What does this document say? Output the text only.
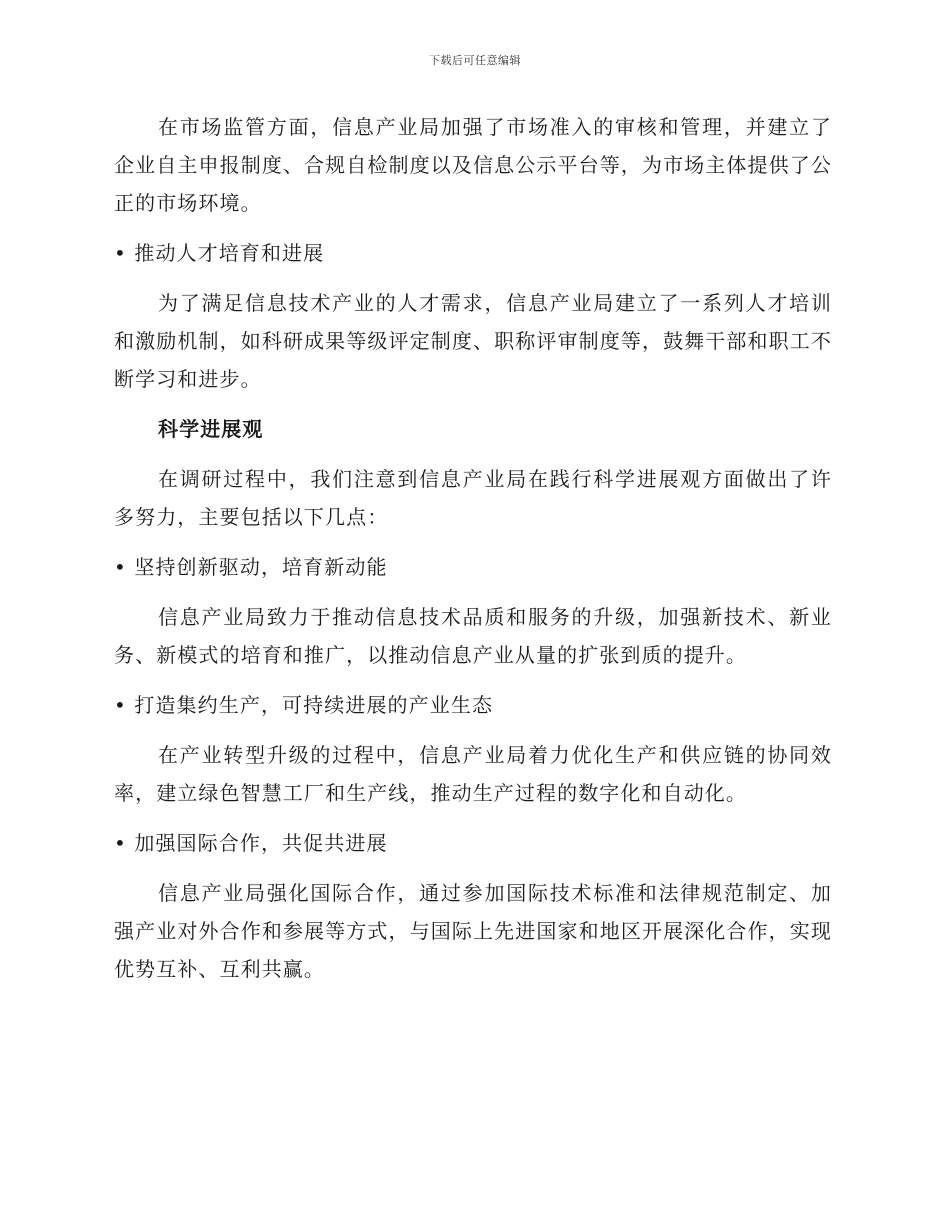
下载后可任意编辑

在市场监管方面，信息产业局加强了市场准入的审核和管理，并建立了企业自主申报制度、合规自检制度以及信息公示平台等，为市场主体提供了公正的市场环境。

• 推动人才培育和进展

为了满足信息技术产业的人才需求，信息产业局建立了一系列人才培训和激励机制，如科研成果等级评定制度、职称评审制度等，鼓舞干部和职工不断学习和进步。

科学进展观

在调研过程中，我们注意到信息产业局在践行科学进展观方面做出了许多努力，主要包括以下几点：

• 坚持创新驱动，培育新动能

信息产业局致力于推动信息技术品质和服务的升级，加强新技术、新业务、新模式的培育和推广，以推动信息产业从量的扩张到质的提升。

• 打造集约生产，可持续进展的产业生态

在产业转型升级的过程中，信息产业局着力优化生产和供应链的协同效率，建立绿色智慧工厂和生产线，推动生产过程的数字化和自动化。

• 加强国际合作，共促共进展

信息产业局强化国际合作，通过参加国际技术标准和法律规范制定、加强产业对外合作和参展等方式，与国际上先进国家和地区开展深化合作，实现优势互补、互利共赢。
